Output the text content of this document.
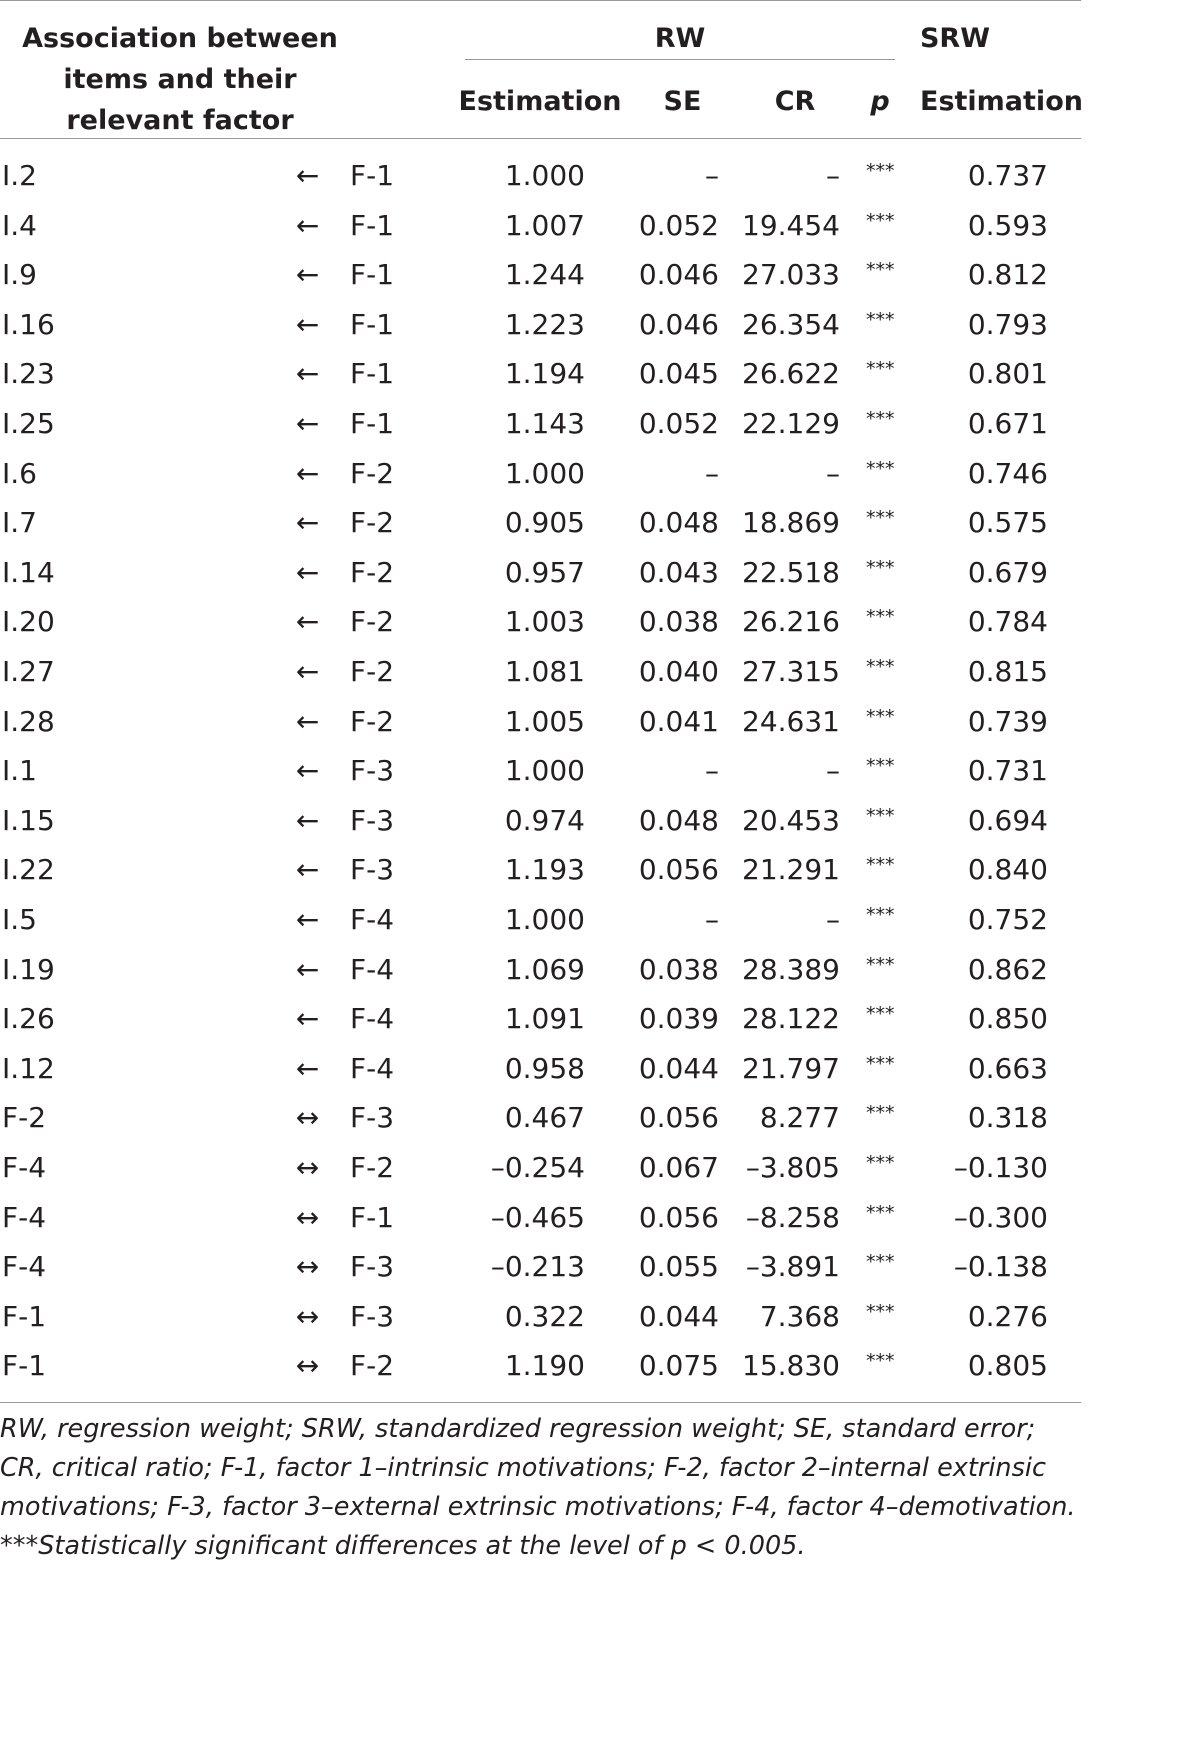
Association between items and their relevant factor
RW	SRW
Estimation	SE	CR	p	Estimation
I.2	←	F-1	1.000	–	– ***	0.737
I.4	←	F-1	1.007 0.052 19.454 ***	0.593
I.9	←	F-1	1.244 0.046 27.033 ***	0.812
I.16	←	F-1	1.223 0.046 26.354 ***	0.793
I.23	←	F-1	1.194 0.045 26.622 ***	0.801
I.25	←	F-1	1.143 0.052 22.129 ***	0.671
I.6	←	F-2	1.000	–	– ***	0.746
I.7	←	F-2	0.905 0.048 18.869 ***	0.575
I.14	←	F-2	0.957 0.043 22.518 ***	0.679
I.20	←	F-2	1.003 0.038 26.216 ***	0.784
I.27	←	F-2	1.081 0.040 27.315 ***	0.815
I.28	←	F-2	1.005 0.041 24.631 ***	0.739
I.1	←	F-3	1.000	–	– ***	0.731
I.15	←	F-3	0.974 0.048 20.453 ***	0.694
I.22	←	F-3	1.193 0.056 21.291 ***	0.840
I.5	←	F-4	1.000	–	– ***	0.752
I.19	←	F-4	1.069 0.038 28.389 ***	0.862
I.26	←	F-4	1.091 0.039 28.122 ***	0.850
I.12	←	F-4	0.958 0.044 21.797 ***	0.663
F-2	↔	F-3	0.467 0.056 8.277 ***	0.318
F-4	↔	F-2	–0.254 0.067 –3.805 *** –0.130
F-4	↔	F-1	–0.465 0.056 –8.258 *** –0.300
F-4	↔	F-3	–0.213 0.055 –3.891 *** –0.138
F-1	↔	F-3	0.322 0.044 7.368 ***	0.276
F-1	↔	F-2	1.190 0.075 15.830 ***	0.805

RW, regression weight; SRW, standardized regression weight; SE, standard error;

CR, critical ratio; F-1, factor 1–intrinsic motivations; F-2, factor 2–internal extrinsic

motivations; F-3, factor 3–external extrinsic motivations; F-4, factor 4–demotivation.

***Statistically significant differences at the level of p < 0.005.
